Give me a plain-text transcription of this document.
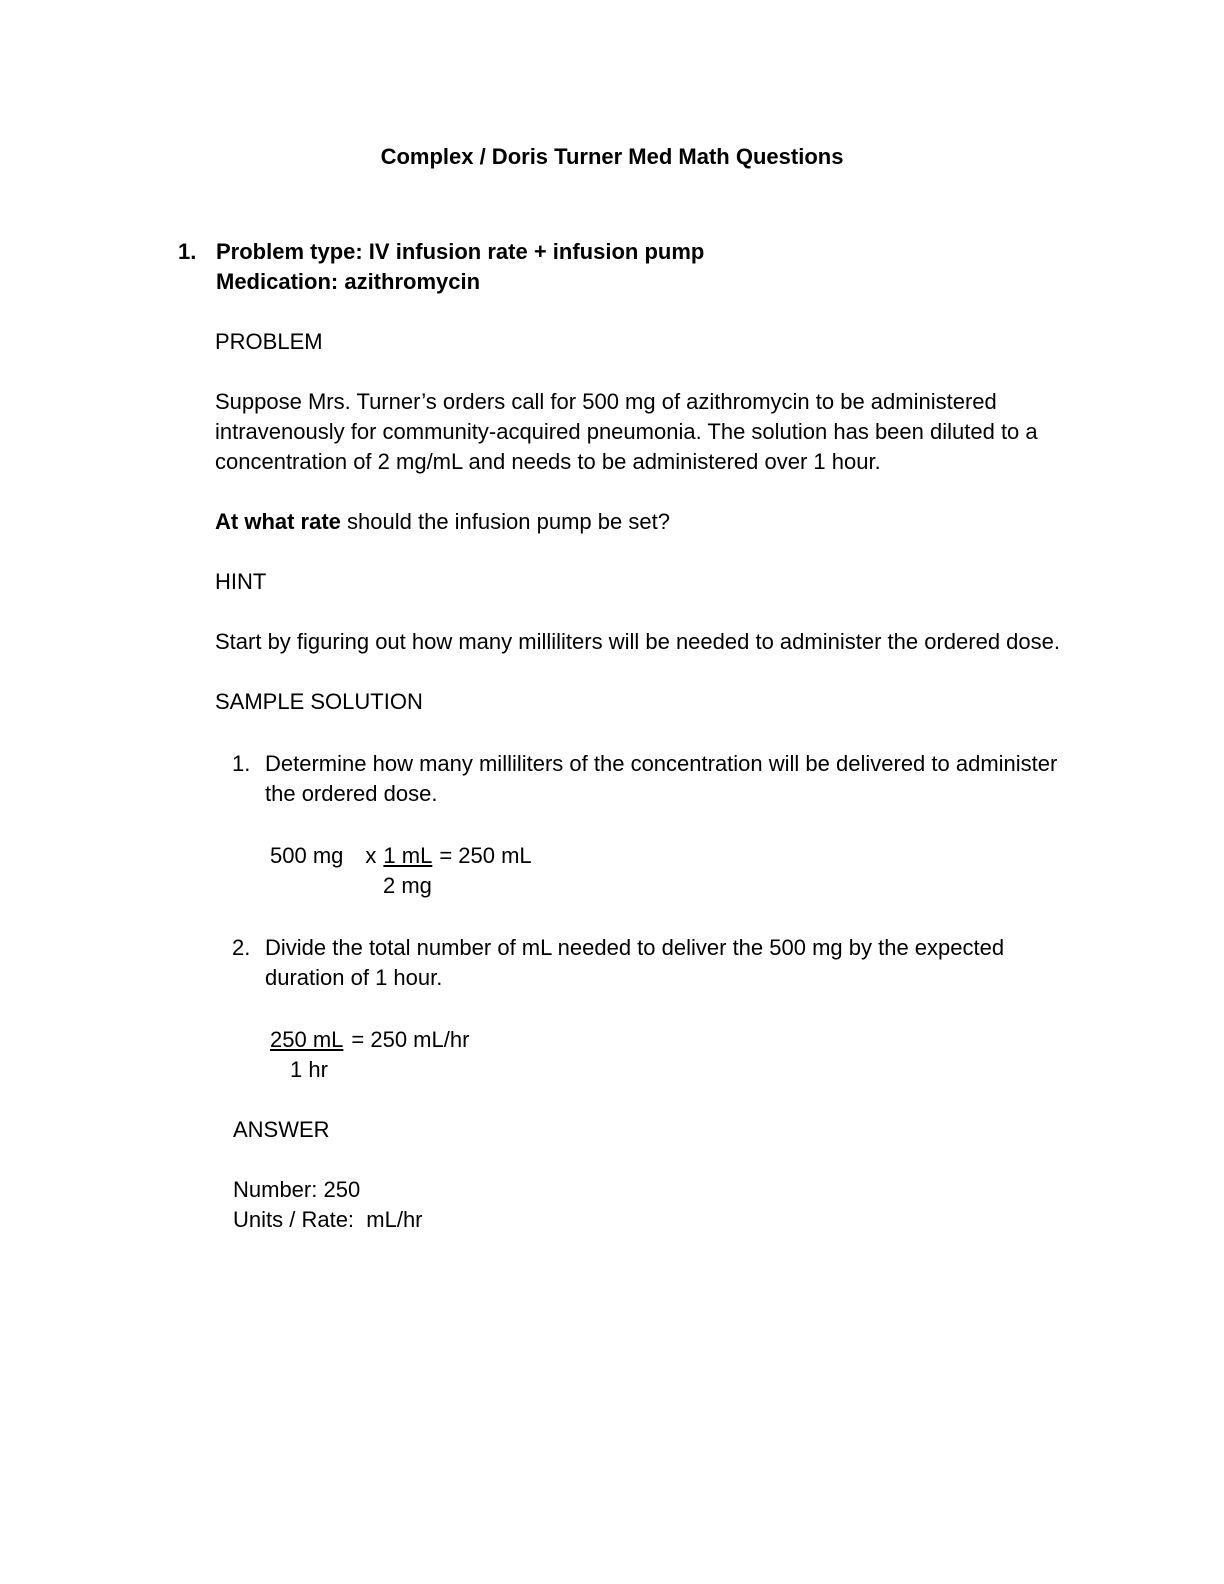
Complex / Doris Turner Med Math Questions
1. Problem type: IV infusion rate + infusion pump
Medication: azithromycin
PROBLEM
Suppose Mrs. Turner’s orders call for 500 mg of azithromycin to be administered
intravenously for community-acquired pneumonia. The solution has been diluted to a
concentration of 2 mg/mL and needs to be administered over 1 hour.
At what rate should the infusion pump be set?
HINT
Start by figuring out how many milliliters will be needed to administer the ordered dose.
SAMPLE SOLUTION
1. Determine how many milliliters of the concentration will be delivered to administer
the ordered dose.
500 mg x 1 mL = 250 mL
2 mg
2. Divide the total number of mL needed to deliver the 500 mg by the expected
duration of 1 hour.
250 mL = 250 mL/hr
1 hr
ANSWER
Number: 250
Units / Rate:  mL/hr
